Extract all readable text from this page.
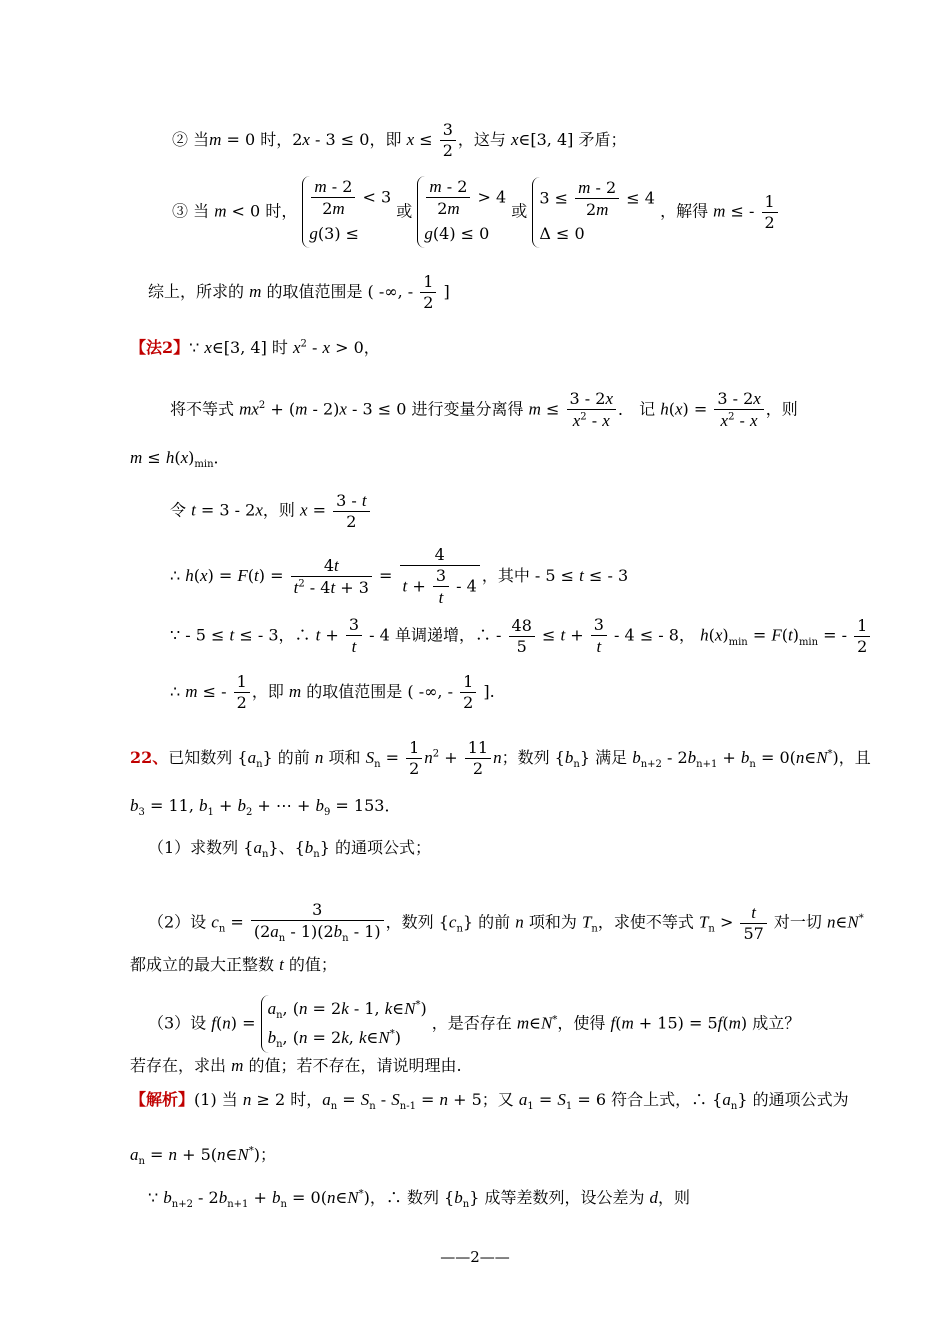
② 当m = 0 时，2x - 3 ≤ 0，即 $x \le \frac{3}{2}$ ，这与 x∈[3, 4] 矛盾；
③ 当 m < 0 时， $\frac{m - 2}{2m} < 3$
g(3) ≤ 或 $\frac{m - 2}{2m} > 4$
g(4) ≤ 0 或 $3 \le \frac{m - 2}{2m} \le 4$
Δ ≤ 0 ，解得 m ≤ - $\frac{1}{2}$
综上，所求的 m 的取值范围是 ( -∞, - $\frac{1}{2}$ ]
【法2】∵ x∈[3, 4] 时 $x^2 - x > 0$，
将不等式 $mx^2 + (m - 2)x - 3 \le 0$ 进行变量分离得 $m \le \frac{3 - 2x}{x^2 - x}$ ． 记 $h(x) = \frac{3 - 2x}{x^2 - x}$ ，则
$m \le h(x)_{min}$．
令 t = 3 - 2x，则 $x = \frac{3 - t}{2}$
∴ $h(x) = F(t) = \frac{4t}{t^2 - 4t + 3} = \frac{4}{t + \frac{3}{t} - 4}$ ，其中 - 5 ≤ t ≤ - 3
∵ - 5 ≤ t ≤ - 3，∴ $t + \frac{3}{t} - 4$ 单调递增，∴ - $\frac{48}{5} \le t + \frac{3}{t} - 4$ ≤ - 8， $h(x)_{min} = F(t)_{min}$ = - $\frac{1}{2}$
∴ m ≤ - $\frac{1}{2}$ ，即 m 的取值范围是 ( -∞, - $\frac{1}{2}$ ].
22、已知数列 $\{a_n\}$ 的前 n 项和 $S_n = \frac{1}{2} n^2 + \frac{11}{2}$ n；数列 $\{b_n\}$ 满足 $b_{n+2} - 2b_{n+1} + b_n$ = 0(n∈N*)，且
$b_3 = 11$, $b_1 + b_2$ + ⋯ + $b_9 = 153$．
（1）求数列 $\{a_n\}$、$\{b_n\}$ 的通项公式；
（2）设 $c_n = \frac{3}{(2a_n - 1)(2b_n - 1)}$ ，数列 $\{c_n\}$ 的前 n 项和为 $T_n$，求使不等式 $T_n > \frac{t}{57}$ 对一切 n∈N*
都成立的最大正整数 t 的值；
（3）设 $f(n) = a_n$, (n = 2k - 1, k∈N*)
$b_n$, (n = 2k, k∈N*) ，是否存在 m∈N*，使得 f(m + 15) = 5f(m) 成立？
若存在，求出 m 的值；若不存在，请说明理由.
【解析】(1) 当 n ≥ 2 时，$a_n = S_n - S_{n-1} = n + 5$；又 $a_1 = S_1 = 6$ 符合上式，∴ $\{a_n\}$ 的通项公式为
$a_n = n$ + 5(n∈N*)；
∵ $b_{n+2} - 2b_{n+1} + b_n$ = 0(n∈N*)，∴ 数列 $\{b_n\}$ 成等差数列，设公差为 d，则
——2——
